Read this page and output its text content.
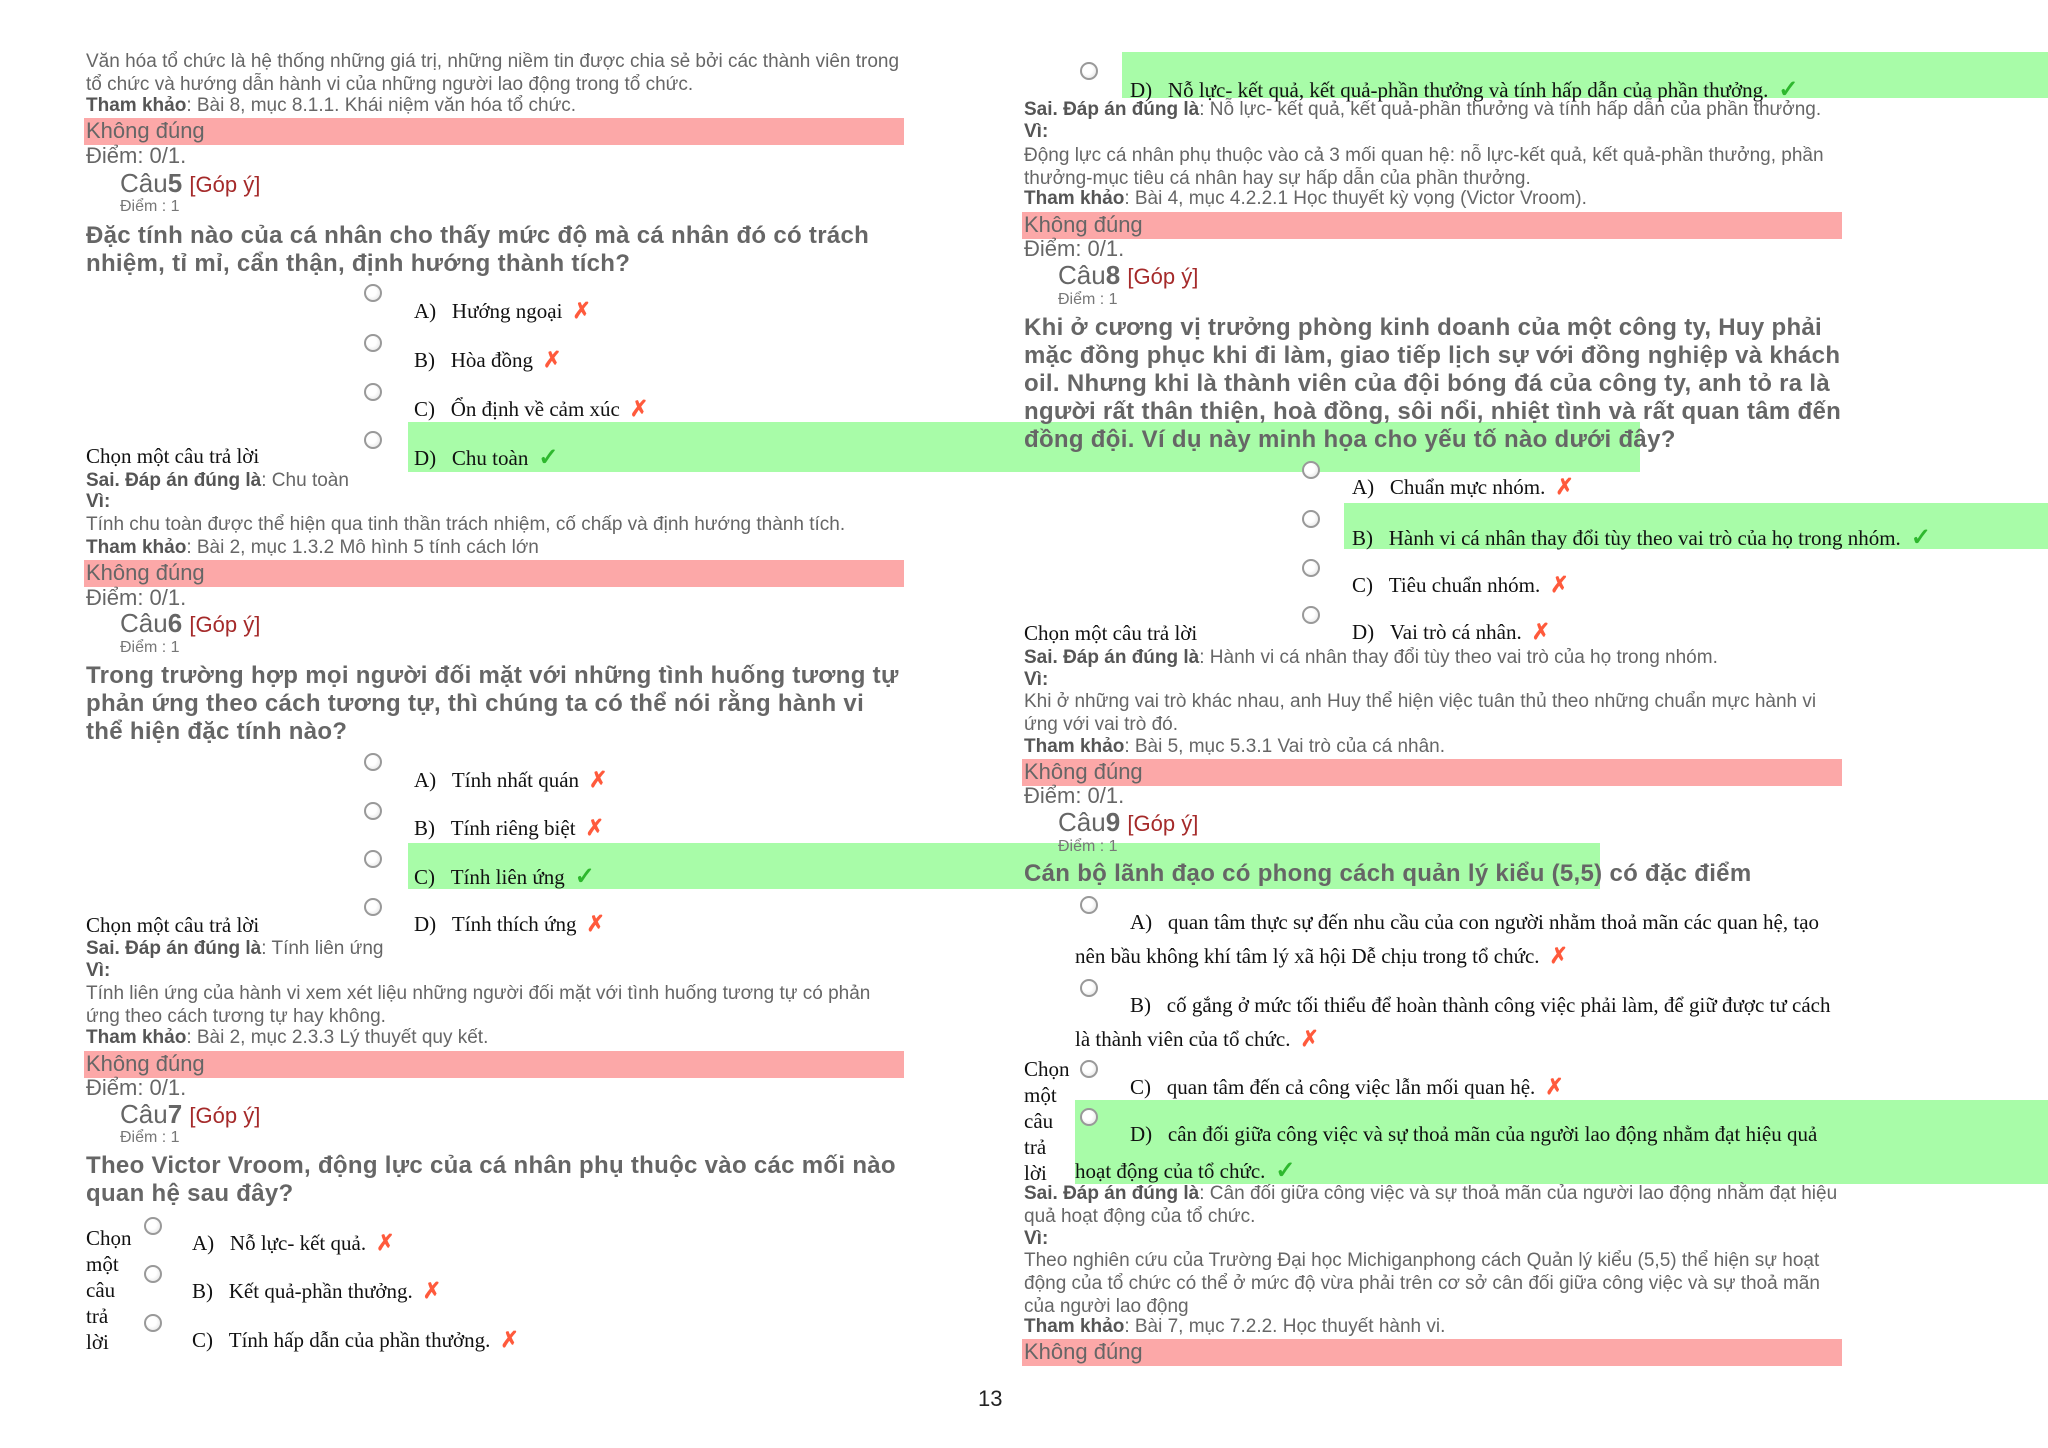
Văn hóa tổ chức là hệ thống những giá trị, những niềm tin được chia sẻ bởi các thành viên trong tổ chức và hướng dẫn hành vi của những người lao động trong tổ chức.
Tham khảo: Bài 8, mục 8.1.1. Khái niệm văn hóa tổ chức.
Không đúng
Điểm: 0/1.
Câu5 [Góp ý]
Điểm : 1
Đặc tính nào của cá nhân cho thấy mức độ mà cá nhân đó có trách nhiệm, tỉ mỉ, cẩn thận, định hướng thành tích?
A)   Hướng ngoại ✗
B)   Hòa đồng ✗
C)   Ổn định về cảm xúc ✗
D)   Chu toàn ✓
Chọn một câu trả lời
Sai. Đáp án đúng là: Chu toàn
Vì:
Tính chu toàn được thể hiện qua tinh thần trách nhiệm, cố chấp và định hướng thành tích.
Tham khảo: Bài 2, mục 1.3.2 Mô hình 5 tính cách lớn
Không đúng
Điểm: 0/1.
Câu6 [Góp ý]
Điểm : 1
Trong trường hợp mọi người đối mặt với những tình huống tương tự phản ứng theo cách tương tự, thì chúng ta có thể nói rằng hành vi thể hiện đặc tính nào?
A)   Tính nhất quán ✗
B)   Tính riêng biệt ✗
C)   Tính liên ứng ✓
D)   Tính thích ứng ✗
Chọn một câu trả lời
Sai. Đáp án đúng là: Tính liên ứng
Vì:
Tính liên ứng của hành vi xem xét liệu những người đối mặt với tình huống tương tự có phản ứng theo cách tương tự hay không.
Tham khảo: Bài 2, mục 2.3.3 Lý thuyết quy kết.
Không đúng
Điểm: 0/1.
Câu7 [Góp ý]
Điểm : 1
Theo Victor Vroom, động lực của cá nhân phụ thuộc vào các mối nào quan hệ sau đây?
Chọn
một
câu
trả
lời
A)   Nỗ lực- kết quả. ✗
B)   Kết quả-phần thưởng. ✗
C)   Tính hấp dẫn của phần thưởng. ✗
D)   Nỗ lực- kết quả, kết quả-phần thưởng và tính hấp dẫn của phần thưởng. ✓
Sai. Đáp án đúng là: Nỗ lực- kết quả, kết quả-phần thưởng và tính hấp dẫn của phần thưởng.
Vì:
Động lực cá nhân phụ thuộc vào cả 3 mối quan hệ: nỗ lực-kết quả, kết quả-phần thưởng, phần thưởng-mục tiêu cá nhân hay sự hấp dẫn của phần thưởng.
Tham khảo: Bài 4, mục 4.2.2.1 Học thuyết kỳ vọng (Victor Vroom).
Không đúng
Điểm: 0/1.
Câu8 [Góp ý]
Điểm : 1
Khi ở cương vị trưởng phòng kinh doanh của một công ty, Huy phải mặc đồng phục khi đi làm, giao tiếp lịch sự với đồng nghiệp và khách oil. Nhưng khi là thành viên của đội bóng đá của công ty, anh tỏ ra là người rất thân thiện, hoà đồng, sôi nổi, nhiệt tình và rất quan tâm đến đồng đội. Ví dụ này minh họa cho yếu tố nào dưới đây?
A)   Chuẩn mực nhóm. ✗
B)   Hành vi cá nhân thay đổi tùy theo vai trò của họ trong nhóm. ✓
C)   Tiêu chuẩn nhóm. ✗
D)   Vai trò cá nhân. ✗
Chọn một câu trả lời
Sai. Đáp án đúng là: Hành vi cá nhân thay đổi tùy theo vai trò của họ trong nhóm.
Vì:
Khi ở những vai trò khác nhau, anh Huy thể hiện việc tuân thủ theo những chuẩn mực hành vi ứng với vai trò đó.
Tham khảo: Bài 5, mục 5.3.1 Vai trò của cá nhân.
Không đúng
Điểm: 0/1.
Câu9 [Góp ý]
Điểm : 1
Cán bộ lãnh đạo có phong cách quản lý kiểu (5,5) có đặc điểm
A)   quan tâm thực sự đến nhu cầu của con người nhằm thoả mãn các quan hệ, tạo
nên bầu không khí tâm lý xã hội Dễ chịu trong tổ chức. ✗
B)   cố gắng ở mức tối thiểu để hoàn thành công việc phải làm, để giữ được tư cách
là thành viên của tổ chức. ✗
C)   quan tâm đến cả công việc lẫn mối quan hệ. ✗
D)   cân đối giữa công việc và sự thoả mãn của người lao động nhằm đạt hiệu quả
hoạt động của tổ chức. ✓
Chọn
một
câu
trả
lời
Sai. Đáp án đúng là: Cân đối giữa công việc và sự thoả mãn của người lao động nhằm đạt hiệu quả hoạt động của tổ chức.
Vì:
Theo nghiên cứu của Trường Đại học Michiganphong cách Quản lý kiểu (5,5) thể hiện sự hoạt động của tổ chức có thể ở mức độ vừa phải trên cơ sở cân đối giữa công việc và sự thoả mãn của người lao động
Tham khảo: Bài 7, mục 7.2.2. Học thuyết hành vi.
Không đúng
13
